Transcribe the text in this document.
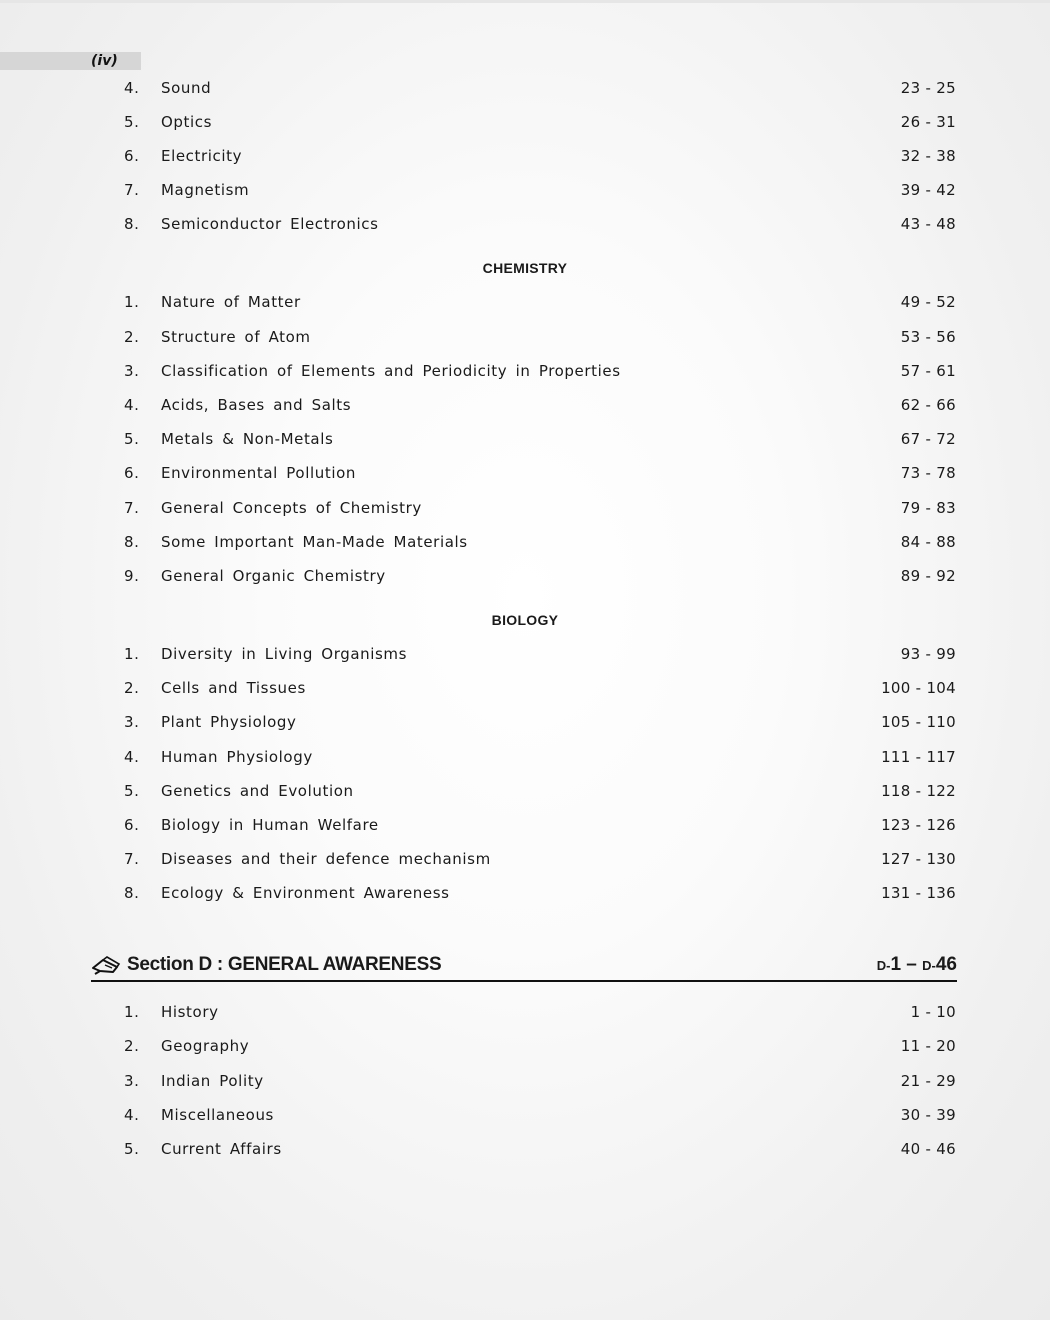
(iv)
4. Sound	23 - 25
5. Optics	26 - 31
6. Electricity	32 - 38
7. Magnetism	39 - 42
8. Semiconductor Electronics	43 - 48
CHEMISTRY
1. Nature of Matter	49 - 52
2. Structure of Atom	53 - 56
3. Classification of Elements and Periodicity in Properties	57 - 61
4. Acids, Bases and Salts	62 - 66
5. Metals & Non-Metals	67 - 72
6. Environmental Pollution	73 - 78
7. General Concepts of Chemistry	79 - 83
8. Some Important Man-Made Materials	84 - 88
9. General Organic Chemistry	89 - 92
BIOLOGY
1. Diversity in Living Organisms	93 - 99
2. Cells and Tissues	100 - 104
3. Plant Physiology	105 - 110
4. Human Physiology	111 - 117
5. Genetics and Evolution	118 - 122
6. Biology in Human Welfare	123 - 126
7. Diseases and their defence mechanism	127 - 130
8. Ecology & Environment Awareness	131 - 136
Section D : GENERAL AWARENESS	D-1 – D-46
1. History	1 - 10
2. Geography	11 - 20
3. Indian Polity	21 - 29
4. Miscellaneous	30 - 39
5. Current Affairs	40 - 46
